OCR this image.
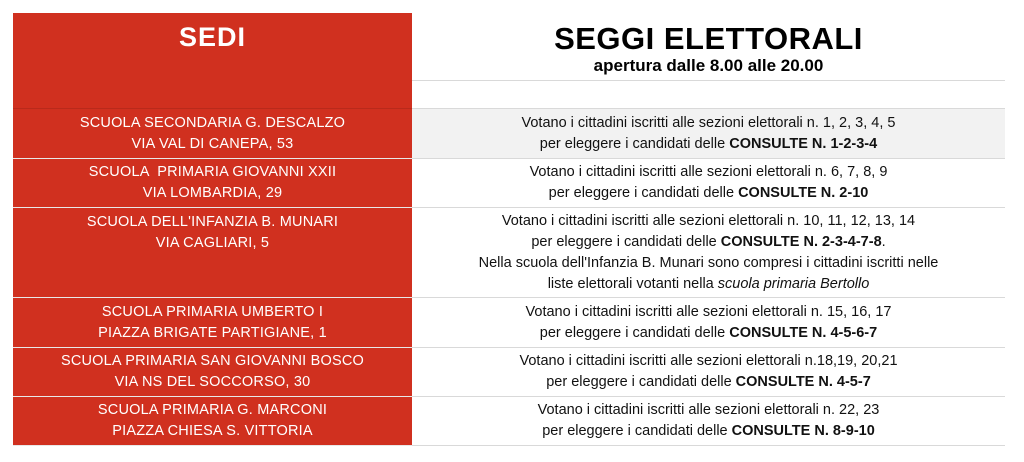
SEDI	SEGGI ELETTORALI
apertura dalle 8.00 alle 20.00
SCUOLA SECONDARIA G. DESCALZO
VIA VAL DI CANEPA, 53
Votano i cittadini iscritti alle sezioni elettorali n. 1, 2, 3, 4, 5
per eleggere i candidati delle CONSULTE N. 1-2-3-4
SCUOLA  PRIMARIA GIOVANNI XXII
VIA LOMBARDIA, 29
Votano i cittadini iscritti alle sezioni elettorali n. 6, 7, 8, 9
per eleggere i candidati delle CONSULTE N. 2-10
SCUOLA DELL'INFANZIA B. MUNARI
VIA CAGLIARI, 5
Votano i cittadini iscritti alle sezioni elettorali n. 10, 11, 12, 13, 14
per eleggere i candidati delle CONSULTE N. 2-3-4-7-8.
Nella scuola dell'Infanzia B. Munari sono compresi i cittadini iscritti nelle
liste elettorali votanti nella scuola primaria Bertollo
SCUOLA PRIMARIA UMBERTO I
PIAZZA BRIGATE PARTIGIANE, 1
Votano i cittadini iscritti alle sezioni elettorali n. 15, 16, 17
per eleggere i candidati delle CONSULTE N. 4-5-6-7
SCUOLA PRIMARIA SAN GIOVANNI BOSCO
VIA NS DEL SOCCORSO, 30
Votano i cittadini iscritti alle sezioni elettorali n.18,19, 20,21
per eleggere i candidati delle CONSULTE N. 4-5-7
SCUOLA PRIMARIA G. MARCONI
PIAZZA CHIESA S. VITTORIA
Votano i cittadini iscritti alle sezioni elettorali n. 22, 23
per eleggere i candidati delle CONSULTE N. 8-9-10
